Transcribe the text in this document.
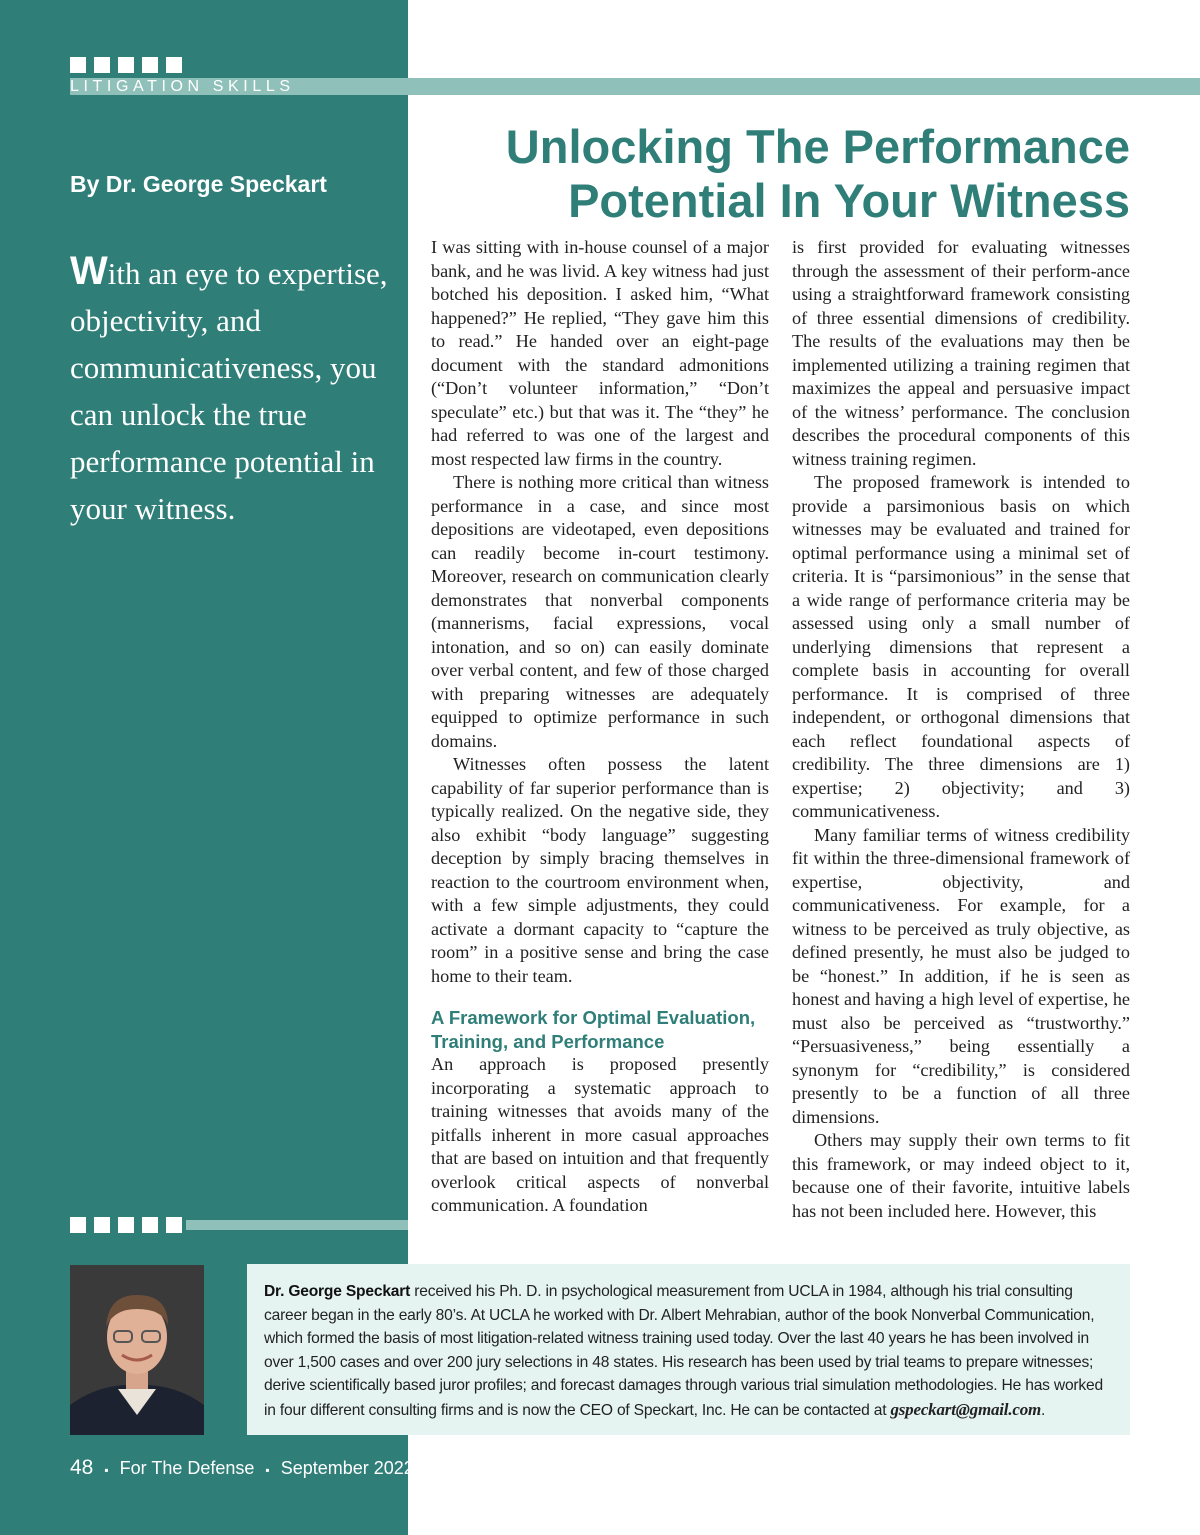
LITIGATION SKILLS
By Dr. George Speckart
With an eye to expertise, objectivity, and communicativeness, you can unlock the true performance potential in your witness.
Unlocking The Performance
Potential In Your Witness

I was sitting with in-house counsel of a major bank, and he was livid. A key witness had just botched his deposition. I asked him, “What happened?” He replied, “They gave him this to read.” He handed over an eight-page document with the standard admonitions (“Don’t volunteer information,” “Don’t speculate” etc.) but that was it. The “they” he had referred to was one of the largest and most respected law firms in the country.

There is nothing more critical than witness performance in a case, and since most depositions are videotaped, even depositions can readily become in-court testimony. Moreover, research on communication clearly demonstrates that nonverbal components (mannerisms, facial expressions, vocal intonation, and so on) can easily dominate over verbal content, and few of those charged with preparing witnesses are adequately equipped to optimize performance in such domains.

Witnesses often possess the latent capability of far superior performance than is typically realized. On the negative side, they also exhibit “body language” suggesting deception by simply bracing themselves in reaction to the courtroom environment when, with a few simple adjustments, they could activate a dormant capacity to “capture the room” in a positive sense and bring the case home to their team.

A Framework for Optimal Evaluation, Training, and Performance

An approach is proposed presently incorporating a systematic approach to training witnesses that avoids many of the pitfalls inherent in more casual approaches that are based on intuition and that frequently overlook critical aspects of nonverbal communication. A foundation

is first provided for evaluating witnesses through the assessment of their perform-ance using a straightforward framework consisting of three essential dimensions of credibility. The results of the evaluations may then be implemented utilizing a training regimen that maximizes the appeal and persuasive impact of the witness’ performance. The conclusion describes the procedural components of this witness training regimen.

The proposed framework is intended to provide a parsimonious basis on which witnesses may be evaluated and trained for optimal performance using a minimal set of criteria. It is “parsimonious” in the sense that a wide range of performance criteria may be assessed using only a small number of underlying dimensions that represent a complete basis in accounting for overall performance. It is comprised of three independent, or orthogonal dimensions that each reflect foundational aspects of credibility. The three dimensions are 1) expertise; 2) objectivity; and 3) communicativeness.

Many familiar terms of witness credibility fit within the three-dimensional framework of expertise, objectivity, and communicativeness. For example, for a witness to be perceived as truly objective, as defined presently, he must also be judged to be “honest.” In addition, if he is seen as honest and having a high level of expertise, he must also be perceived as “trustworthy.” “Persuasiveness,” being essentially a synonym for “credibility,” is considered presently to be a function of all three dimensions.

Others may supply their own terms to fit this framework, or may indeed object to it, because one of their favorite, intuitive labels has not been included here. However, this

Dr. George Speckart received his Ph. D. in psychological measurement from UCLA in 1984, although his trial consulting career began in the early 80’s. At UCLA he worked with Dr. Albert Mehrabian, author of the book Nonverbal Communication, which formed the basis of most litigation-related witness training used today. Over the last 40 years he has been involved in over 1,500 cases and over 200 jury selections in 48 states. His research has been used by trial teams to prepare witnesses; derive scientifically based juror profiles; and forecast damages through various trial simulation methodologies. He has worked in four different consulting firms and is now the CEO of Speckart, Inc. He can be contacted at gspeckart@gmail.com.
48 ▪ For The Defense ▪ September 2022
